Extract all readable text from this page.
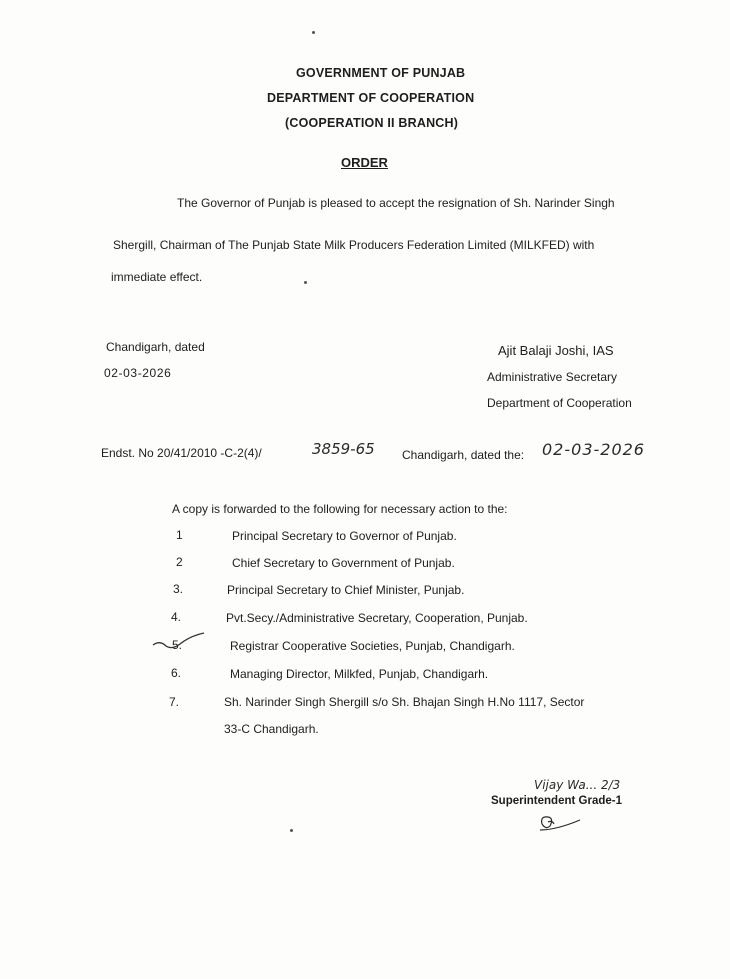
GOVERNMENT OF PUNJAB
DEPARTMENT OF COOPERATION
(COOPERATION II BRANCH)
ORDER
The Governor of Punjab is pleased to accept the resignation of Sh. Narinder Singh
Shergill, Chairman of The Punjab State Milk Producers Federation Limited (MILKFED) with
immediate effect.
Chandigarh, dated
02-03-2026
Ajit Balaji Joshi, IAS
Administrative Secretary
Department of Cooperation
Endst. No 20/41/2010 -C-2(4)/	3859-65 Chandigarh, dated the: 02-03-2026
A copy is forwarded to the following for necessary action to the:
1	Principal Secretary to Governor of Punjab.
2	Chief Secretary to Government of Punjab.
3.	Principal Secretary to Chief Minister, Punjab.
4.	Pvt.Secy./Administrative Secretary, Cooperation, Punjab.
5.	Registrar Cooperative Societies, Punjab, Chandigarh.
6.	Managing Director, Milkfed, Punjab, Chandigarh.
7.	Sh. Narinder Singh Shergill s/o Sh. Bhajan Singh H.No 1117, Sector
33-C Chandigarh.
Vijay Wa... 2/3
Superintendent Grade-1
